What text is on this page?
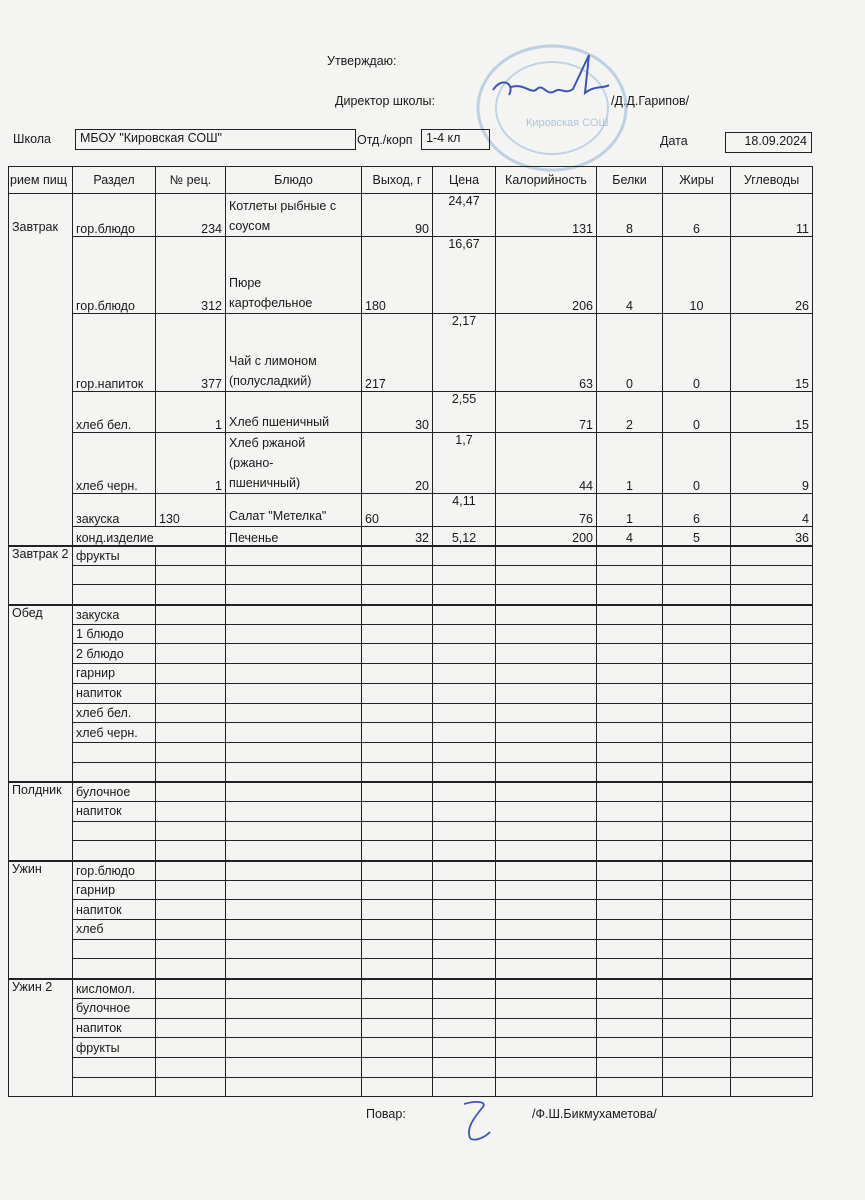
Утверждаю:
Директор школы:	/Д.Д.Гарипов/
Кировская СОШ
Школа	МБОУ "Кировская СОШ"	Отд./корп	1-4 кл	Дата	18.09.2024
рием пищ	Раздел	№ рец.	Блюдо	Выход, г	Цена	Калорийность	Белки	Жиры	Углеводы
Завтрак	гор.блюдо	234	Котлеты рыбные с
соусом	90	24,47	131	8	6	11
	гор.блюдо	312	Пюре
картофельное	180	16,67	206	4	10	26
	гор.напиток	377	Чай с лимоном
(полусладкий)	217	2,17	63	0	0	15
	хлеб бел.	1	Хлеб пшеничный	30	2,55	71	2	0	15
	хлеб черн.	1	Хлеб ржаной
(ржано-
пшеничный)	20	1,7	44	1	0	9
	закуска	130	Салат "Метелка"	60	4,11	76	1	6	4
	конд.изделие		Печенье	32	5,12	200	4	5	36
Завтрак 2	фрукты								

Обед	закуска								
	1 блюдо								
	2 блюдо								
	гарнир								
	напиток								
	хлеб бел.								
	хлеб черн.								

Полдник	булочное								
	напиток								

Ужин	гор.блюдо								
	гарнир								
	напиток								
	хлеб								

Ужин 2	кисломол.								
	булочное								
	напиток								
	фрукты								

Повар:	/Ф.Ш.Бикмухаметова/
